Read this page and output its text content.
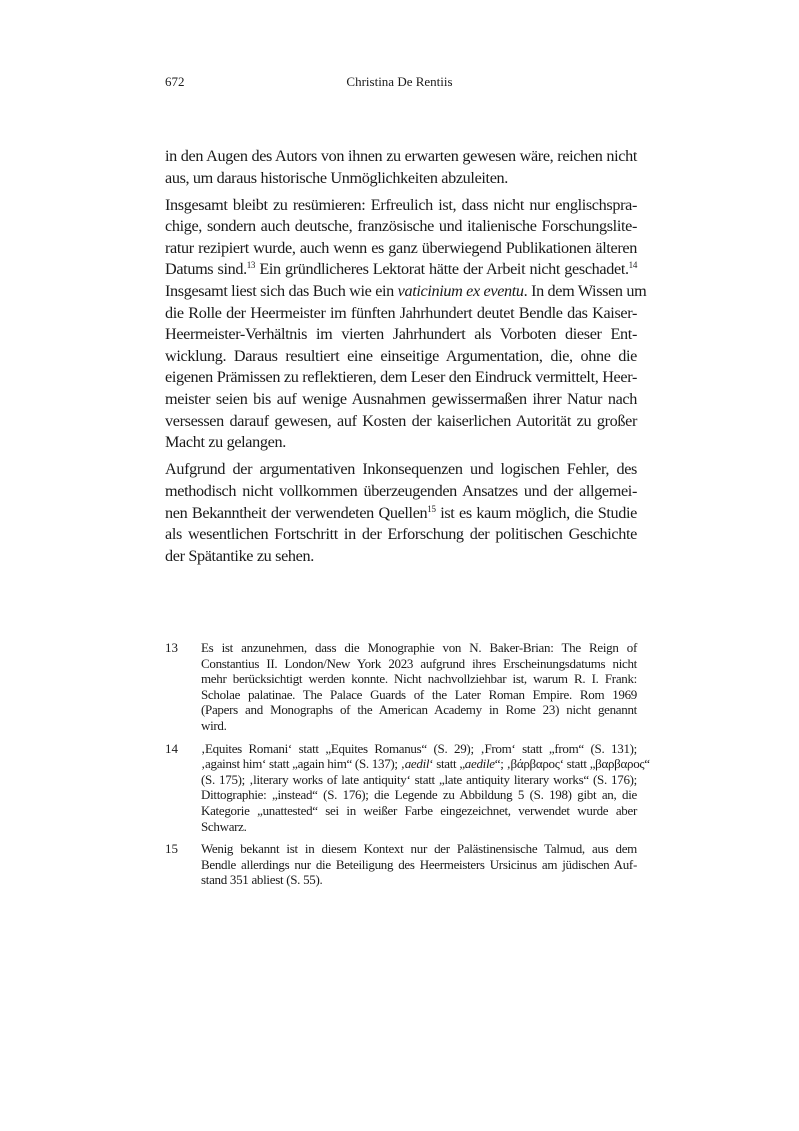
672	Christina De Rentiis
in den Augen des Autors von ihnen zu erwarten gewesen wäre, reichen nicht
aus, um daraus historische Unmöglichkeiten abzuleiten.
Insgesamt bleibt zu resümieren: Erfreulich ist, dass nicht nur englischspra-
chige, sondern auch deutsche, französische und italienische Forschungslite-
ratur rezipiert wurde, auch wenn es ganz überwiegend Publikationen älteren
Datums sind.$^{13}$ Ein gründlicheres Lektorat hätte der Arbeit nicht geschadet.$^{14}$
Insgesamt liest sich das Buch wie ein vaticinium ex eventu. In dem Wissen um
die Rolle der Heermeister im fünften Jahrhundert deutet Bendle das Kaiser-
Heermeister-Verhältnis im vierten Jahrhundert als Vorboten dieser Ent-
wicklung. Daraus resultiert eine einseitige Argumentation, die, ohne die
eigenen Prämissen zu reflektieren, dem Leser den Eindruck vermittelt, Heer-
meister seien bis auf wenige Ausnahmen gewissermaßen ihrer Natur nach
versessen darauf gewesen, auf Kosten der kaiserlichen Autorität zu großer
Macht zu gelangen.
Aufgrund der argumentativen Inkonsequenzen und logischen Fehler, des
methodisch nicht vollkommen überzeugenden Ansatzes und der allgemei-
nen Bekanntheit der verwendeten Quellen$^{15}$ ist es kaum möglich, die Studie
als wesentlichen Fortschritt in der Erforschung der politischen Geschichte
der Spätantike zu sehen.
13 Es ist anzunehmen, dass die Monographie von N. Baker-Brian: The Reign of
Constantius II. London/New York 2023 aufgrund ihres Erscheinungsdatums nicht
mehr berücksichtigt werden konnte. Nicht nachvollziehbar ist, warum R. I. Frank:
Scholae palatinae. The Palace Guards of the Later Roman Empire. Rom 1969
(Papers and Monographs of the American Academy in Rome 23) nicht genannt
wird.
14 ‚Equites Romani‘ statt „Equites Romanus“ (S. 29); ‚From‘ statt „from“ (S. 131);
‚against him‘ statt „again him“ (S. 137); ‚aedil‘ statt „aedile“; ‚βάρβαρος‘ statt „βαρβαρος“
(S. 175); ‚literary works of late antiquity‘ statt „late antiquity literary works“ (S. 176);
Dittographie: „instead“ (S. 176); die Legende zu Abbildung 5 (S. 198) gibt an, die
Kategorie „unattested“ sei in weißer Farbe eingezeichnet, verwendet wurde aber
Schwarz.
15 Wenig bekannt ist in diesem Kontext nur der Palästinensische Talmud, aus dem
Bendle allerdings nur die Beteiligung des Heermeisters Ursicinus am jüdischen Auf-
stand 351 abliest (S. 55).
